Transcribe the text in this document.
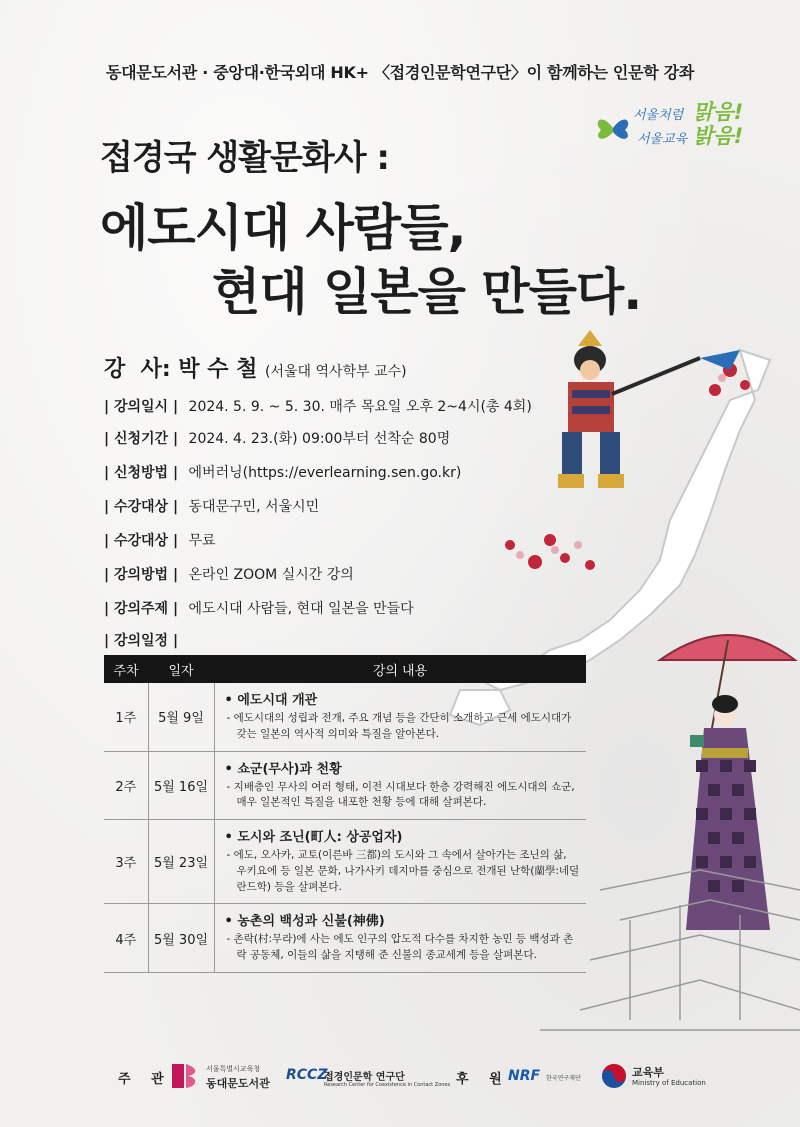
동대문도서관 · 중앙대·한국외대 HK+ 〈접경인문학연구단〉이 함께하는 인문학 강좌
서울처럼 맑음!
서울교육 밝음!
접경국 생활문화사 :
에도시대 사람들,
현대 일본을 만들다.
강  사: 박 수 철 (서울대 역사학부 교수)
| 강의일시 | 2024. 5. 9. ~ 5. 30. 매주 목요일 오후 2~4시(총 4회)
| 신청기간 | 2024. 4. 23.(화) 09:00부터 선착순 80명
| 신청방법 | 에버러닝(https://everlearning.sen.go.kr)
| 수강대상 | 동대문구민, 서울시민
| 수강대상 | 무료
| 강의방법 | 온라인 ZOOM 실시간 강의
| 강의주제 | 에도시대 사람들, 현대 일본을 만들다
| 강의일정 |
주차	일자	강의 내용
1주	5월 9일	• 에도시대 개관
- 에도시대의 성립과 전개, 주요 개념 등을 간단히 소개하고 근세 에도시대가 갖는 일본의 역사적 의미와 특질을 알아본다.

2주	5월 16일	• 쇼군(무사)과 천황
- 지배층인 무사의 여러 형태, 이전 시대보다 한층 강력해진 에도시대의 쇼군, 매우 일본적인 특질을 내포한 천황 등에 대해 살펴본다.

3주	5월 23일	• 도시와 조닌(町人: 상공업자)
- 에도, 오사카, 교토(이른바 三都)의 도시와 그 속에서 살아가는 조닌의 삶, 우키요에 등 일본 문화, 나가사키 데지마를 중심으로 전개된 난학(蘭學:네덜란드학) 등을 살펴본다.

4주	5월 30일	• 농촌의 백성과 신불(神佛)
- 촌락(村:무라)에 사는 에도 인구의 압도적 다수를 차지한 농민 등 백성과 촌락 공동체, 이들의 삶을 지탱해 준 신불의 종교세계 등을 살펴본다.
주 관
서울특별시교육청
동대문도서관
RCCZ
접경인문학 연구단
Research Center for Coexistence in Contact Zones 후 원
NRF 한국연구재단	교육부
Ministry of Education
